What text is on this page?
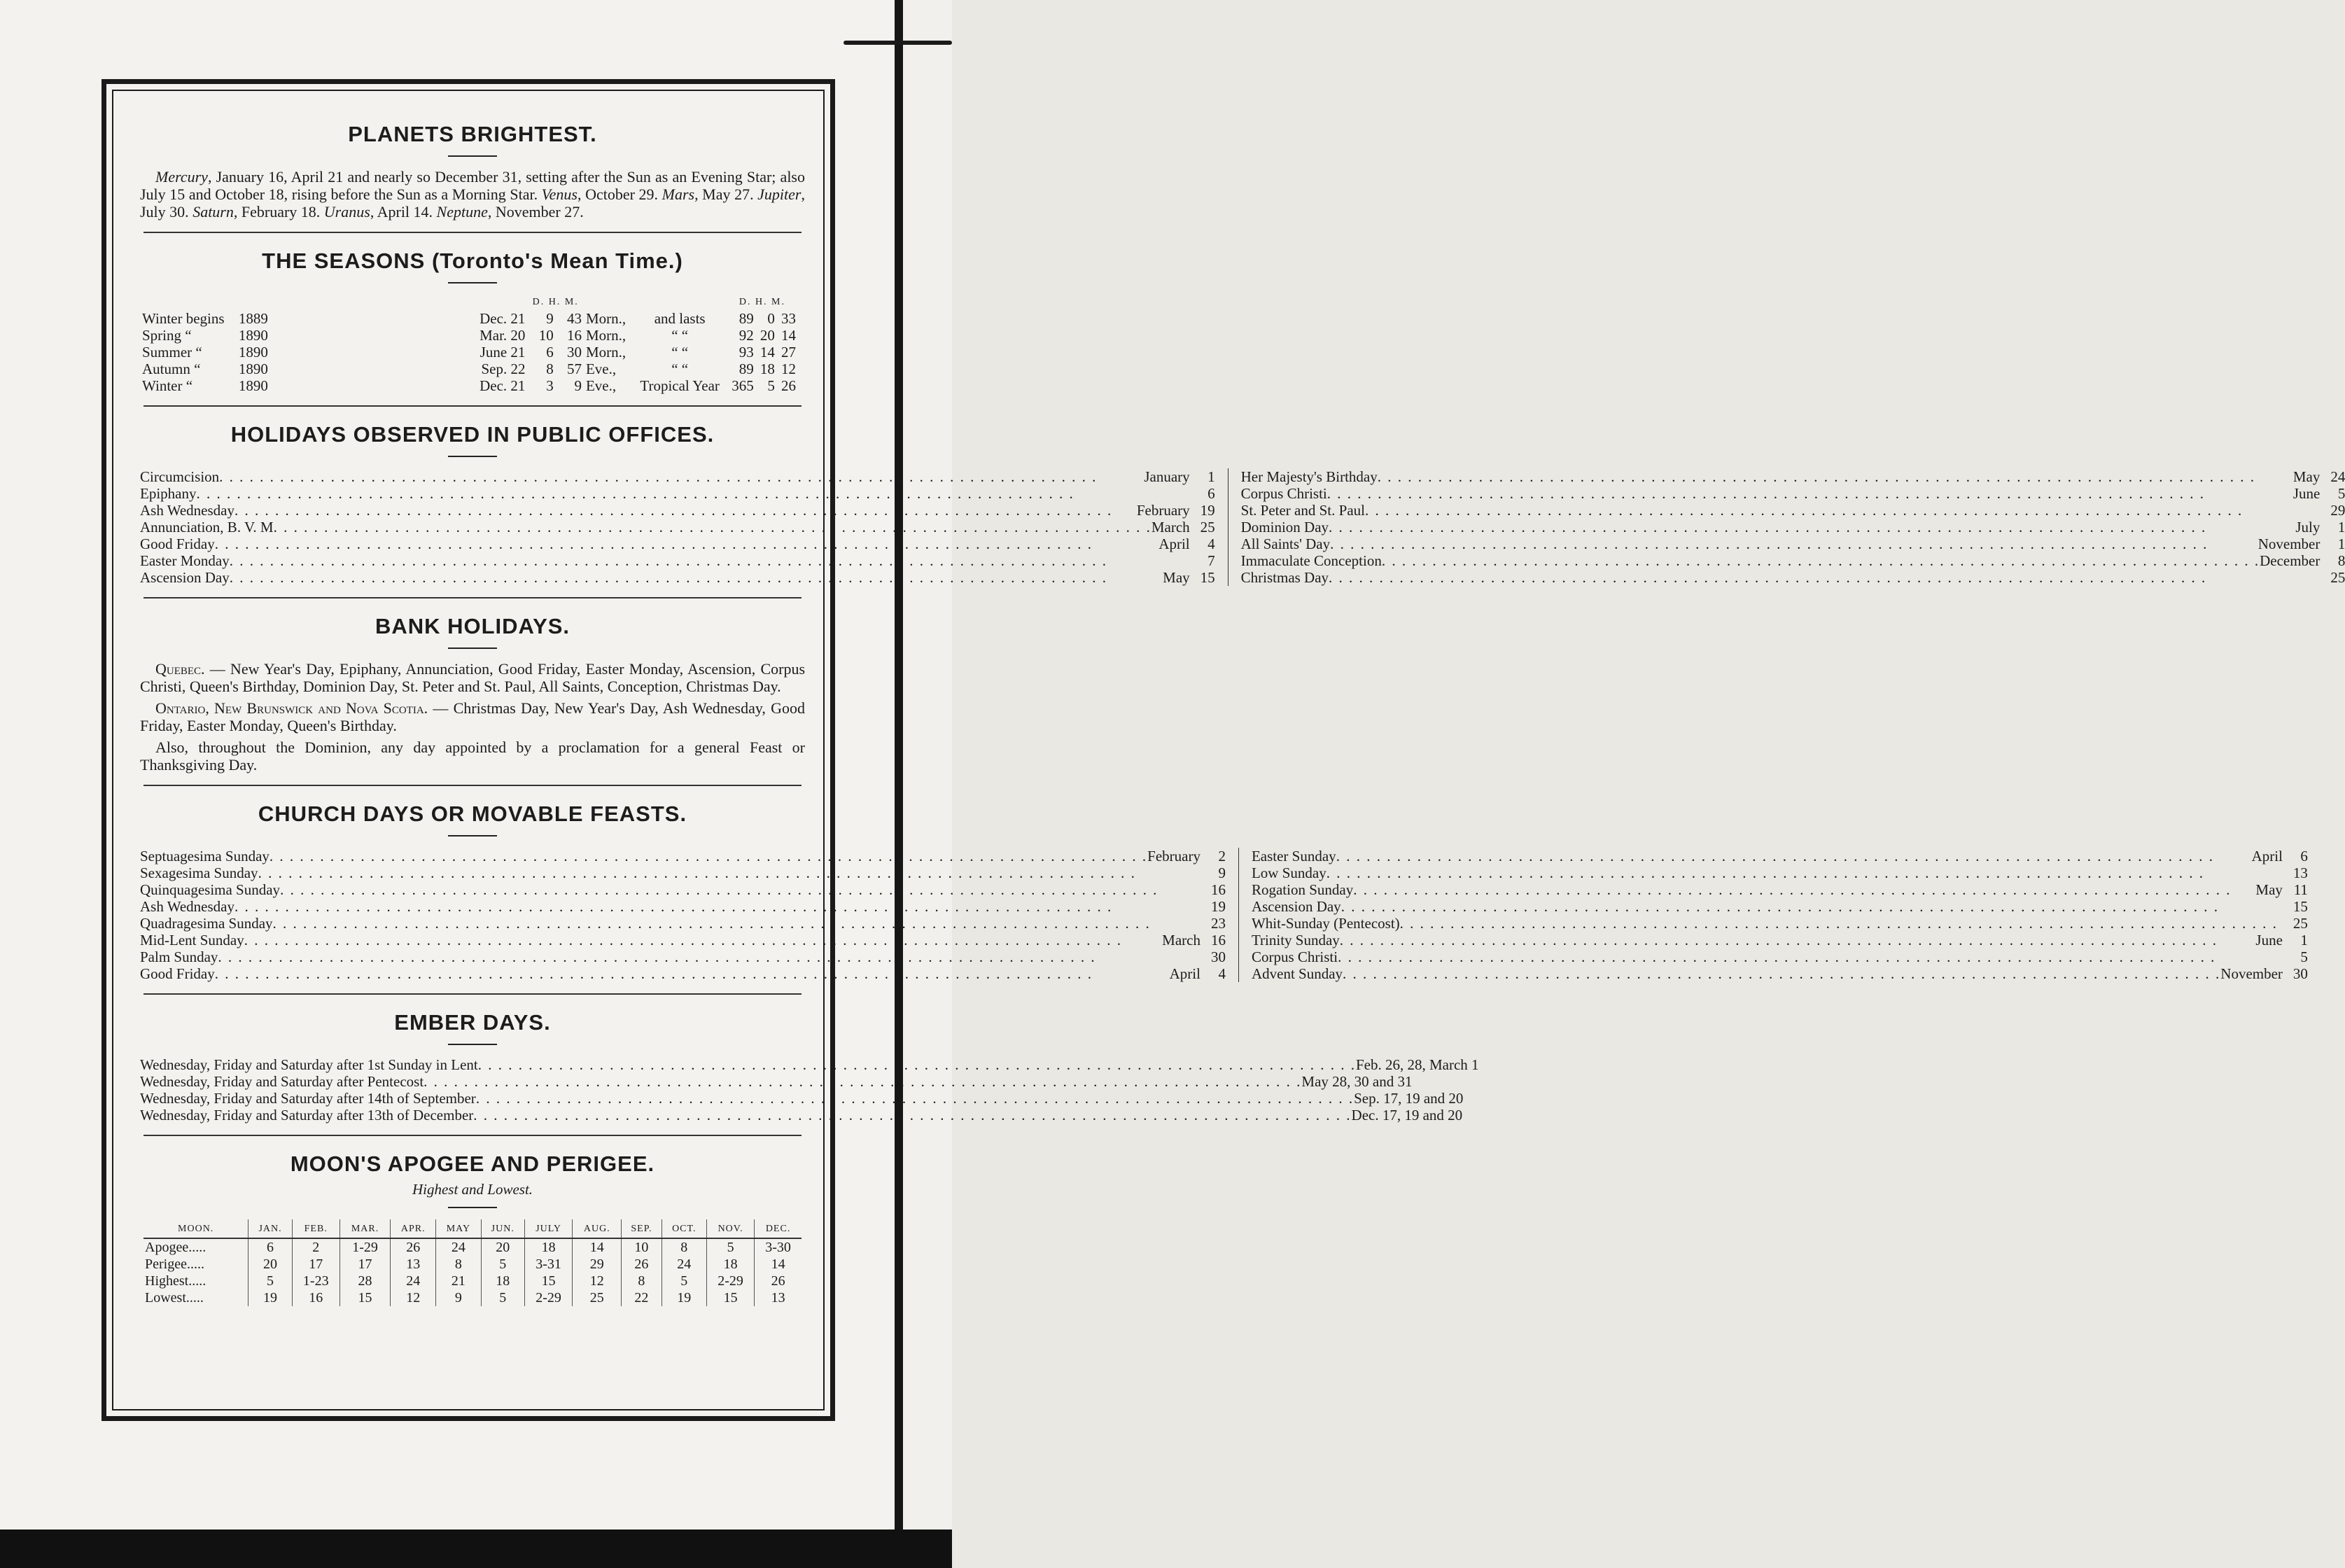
PLANETS BRIGHTEST.

Mercury, January 16, April 21 and nearly so December 31, setting after the Sun as an Evening Star; also July 15 and October 18, rising before the Sun as a Morning Star. Venus, October 29. Mars, May 27. Jupiter, July 30. Saturn, February 18. Uranus, April 14. Neptune, November 27.

THE SEASONS (Toronto's Mean Time.)
			D. H. M.				D. H. M.		
Winter begins	1889	Dec. 21	9	43	Morn.,	and lasts	89	0	33
Spring “	1890	Mar. 20	10	16	Morn.,	“ “	92	20	14
Summer “	1890	June 21	6	30	Morn.,	“ “	93	14	27
Autumn “	1890	Sep. 22	8	57	Eve.,	“ “	89	18	12
Winter “	1890	Dec. 21	3	9	Eve.,	Tropical Year	365	5	26
HOLIDAYS OBSERVED IN PUBLIC OFFICES.
Circumcision . . .	January	1
Epiphany . . .	6
Ash Wednesday . . .	February 19
Annunciation, B. V. M . . .	March 25
Good Friday . . .	April	4
Easter Monday . . .	7
Ascension Day . . .	May 15
Her Majesty's Birthday . . .	May 24
Corpus Christi . . .	June	5
St. Peter and St. Paul . . .	29
Dominion Day . . .	July	1
All Saints' Day . . .	November	1
Immaculate Conception . . .	December	8
Christmas Day . . .	25
BANK HOLIDAYS.

Quebec. — New Year's Day, Epiphany, Annunciation, Good Friday, Easter Monday, Ascension, Corpus Christi, Queen's Birthday, Dominion Day, St. Peter and St. Paul, All Saints, Conception, Christmas Day.

Ontario, New Brunswick and Nova Scotia. — Christmas Day, New Year's Day, Ash Wednesday, Good Friday, Easter Monday, Queen's Birthday.

Also, throughout the Dominion, any day appointed by a proclamation for a general Feast or Thanksgiving Day.

CHURCH DAYS OR MOVABLE FEASTS.
Septuagesima Sunday . . .	February	2
Sexagesima Sunday . . .	9
Quinquagesima Sunday . . .	16
Ash Wednesday . . .	19
Quadragesima Sunday . . .	23
Mid-Lent Sunday . . .	March 16
Palm Sunday . . .	30
Good Friday . . .	April	4
Easter Sunday . . .	April	6
Low Sunday . . .	13
Rogation Sunday . . .	May 11
Ascension Day . . .	15
Whit-Sunday (Pentecost) . . .	25
Trinity Sunday . . .	June	1
Corpus Christi . . .	5
Advent Sunday . . .	November 30
EMBER DAYS.
Wednesday, Friday and Saturday after 1st Sunday in Lent . . .	Feb. 26, 28, March 1
Wednesday, Friday and Saturday after Pentecost . . .	May 28, 30 and 31
Wednesday, Friday and Saturday after 14th of September . . .	Sep. 17, 19 and 20
Wednesday, Friday and Saturday after 13th of December . . .	Dec. 17, 19 and 20
MOON'S APOGEE AND PERIGEE.
Highest and Lowest.
MOON.	JAN.	FEB.	MAR.	APR.	MAY	JUN.	JULY	AUG.	SEP.	OCT.	NOV.	DEC.
Apogee.....	6	2	1-29	26	24	20	18	14	10	8	5	3-30
Perigee.....	20	17	17	13	8	5	3-31	29	26	24	18	14
Highest.....	5	1-23	28	24	21	18	15	12	8	5	2-29	26
Lowest.....	19	16	15	12	9	5	2-29	25	22	19	15	13
